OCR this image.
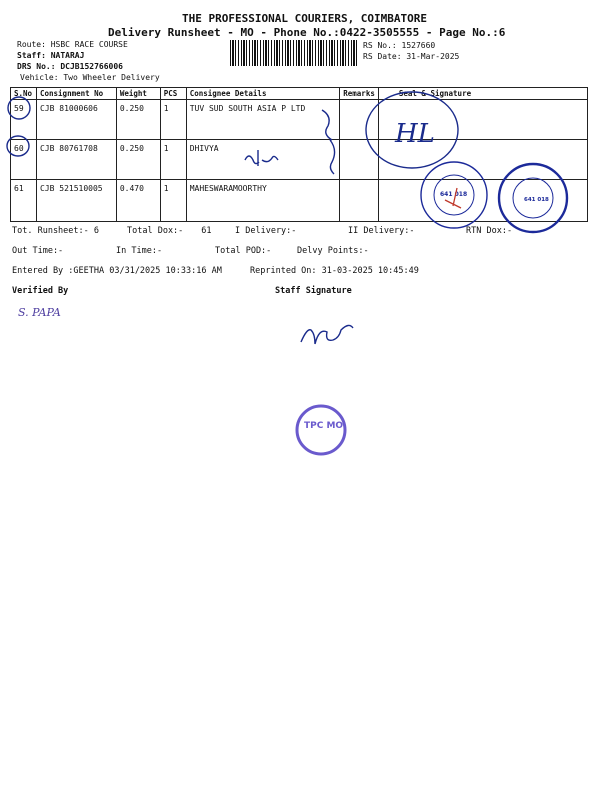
THE PROFESSIONAL COURIERS, COIMBATORE
Delivery Runsheet - MO - Phone No.:0422-3505555 - Page No.:6
Route: HSBC RACE COURSE
Staff: NATARAJ
DRS No.: DCJB152766006
Vehicle: Two Wheeler Delivery
RS No.: 1527660
RS Date: 31-Mar-2025
S.No	Consignment No	Weight	PCS	Consignee Details	Remarks	Seal & Signature
59	CJB 81000606	0.250	1	TUV SUD SOUTH ASIA P LTD		
60	CJB 80761708	0.250	1	DHIVYA		
61	CJB 521510005	0.470	1	MAHESWARAMOORTHY		
Tot. Runsheet:- 6	Total Dox:- 61	I Delivery:-	II Delivery:-	RTN Dox:-
Out Time:-	In Time:-	Total POD:-	Delvy Points:-
Entered By :GEETHA 03/31/2025 10:33:16 AM	Reprinted On: 31-03-2025 10:45:49
Verified By	Staff Signature
HL
641 018
641 018
S. PAPA
TPC MO
